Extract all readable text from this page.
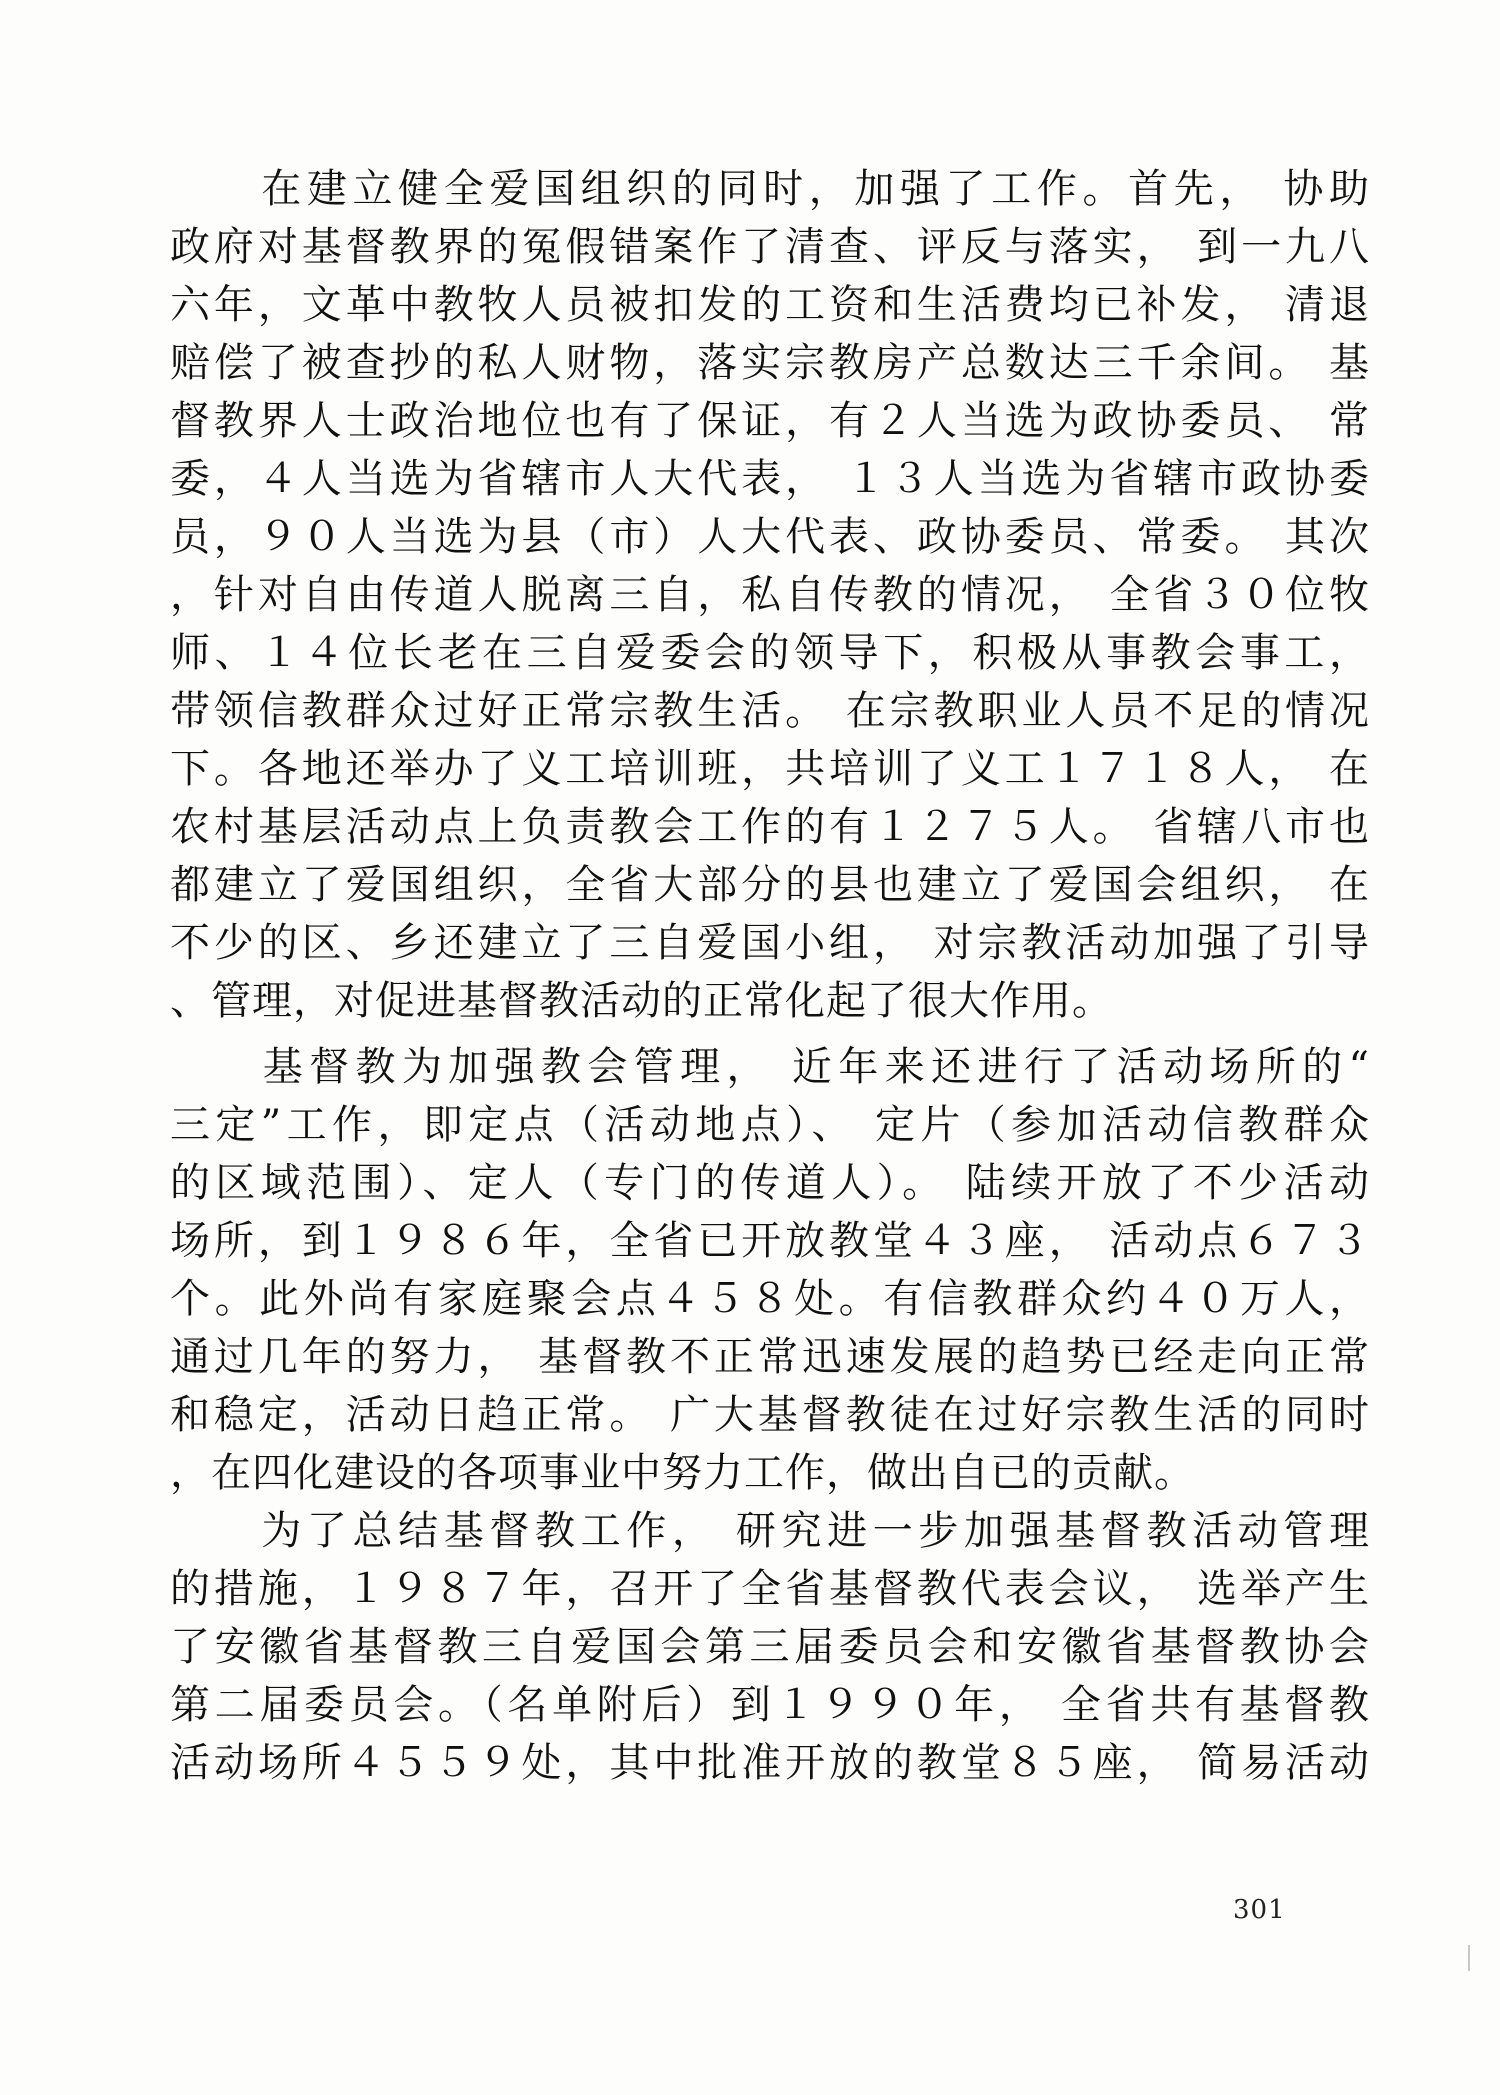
　　在建立健全爱国组织的同时，加强了工作。首先， 协助
政府对基督教界的冤假错案作了清查、评反与落实， 到一九八
六年，文革中教牧人员被扣发的工资和生活费均已补发， 清退
赔偿了被查抄的私人财物，落实宗教房产总数达三千余间。 基
督教界人士政治地位也有了保证，有２人当选为政协委员、 常
委，４人当选为省辖市人大代表， １３人当选为省辖市政协委
员，９０人当选为县（市）人大代表、政协委员、常委。 其次
，针对自由传道人脱离三自，私自传教的情况， 全省３０位牧
师、１４位长老在三自爱委会的领导下，积极从事教会事工，
带领信教群众过好正常宗教生活。 在宗教职业人员不足的情况
下。各地还举办了义工培训班，共培训了义工１７１８人， 在
农村基层活动点上负责教会工作的有１２７５人。 省辖八市也
都建立了爱国组织，全省大部分的县也建立了爱国会组织， 在
不少的区、乡还建立了三自爱国小组， 对宗教活动加强了引导
、管理，对促进基督教活动的正常化起了很大作用。
　　基督教为加强教会管理， 近年来还进行了活动场所的“
三定”工作，即定点（活动地点）、 定片（参加活动信教群众
的区域范围）、定人（专门的传道人）。 陆续开放了不少活动
场所，到１９８６年，全省已开放教堂４３座， 活动点６７３
个。此外尚有家庭聚会点４５８处。有信教群众约４０万人，
通过几年的努力， 基督教不正常迅速发展的趋势已经走向正常
和稳定，活动日趋正常。 广大基督教徒在过好宗教生活的同时
，在四化建设的各项事业中努力工作，做出自已的贡献。
　　为了总结基督教工作， 研究进一步加强基督教活动管理
的措施，１９８７年，召开了全省基督教代表会议， 选举产生
了安徽省基督教三自爱国会第三届委员会和安徽省基督教协会
第二届委员会。（名单附后）到１９９０年， 全省共有基督教
活动场所４５５９处，其中批准开放的教堂８５座， 简易活动
301
